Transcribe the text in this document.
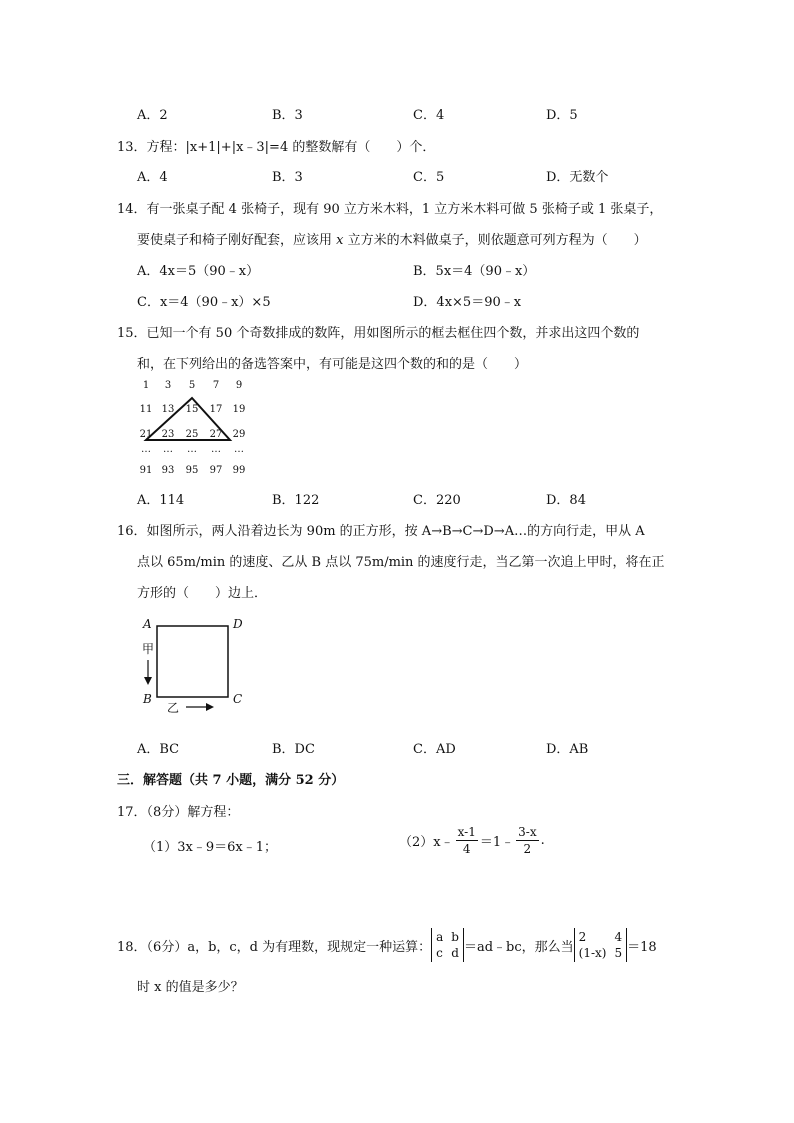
A．2	B．3	C．4	D．5
13．方程：|x+1|+|x﹣3|=4 的整数解有（　　）个．
A．4	B．3	C．5	D．无数个
14．有一张桌子配 4 张椅子，现有 90 立方米木料，1 立方米木料可做 5 张椅子或 1 张桌子，
要使桌子和椅子刚好配套，应该用 x 立方米的木料做桌子，则依题意可列方程为（　　）
A．4x＝5（90﹣x）	B．5x＝4（90﹣x）
C．x＝4（90﹣x）×5	D．4x×5＝90﹣x
15．已知一个有 50 个奇数排成的数阵，用如图所示的框去框住四个数，并求出这四个数的
和，在下列给出的备选答案中，有可能是这四个数的和的是（　　）
1	3	5	7	9
11 13	15	17	19
21 23	25	27	29
…	…	…	…	…
91 93	95	97	99
A．114	B．122	C．220	D．84
16．如图所示，两人沿着边长为 90m 的正方形，按 A→B→C→D→A…的方向行走，甲从 A
点以 65m/min 的速度、乙从 B 点以 75m/min 的速度行走，当乙第一次追上甲时，将在正
方形的（　　）边上．
A	D
B	C
甲
乙
A．BC	B．DC	C．AD	D．AB
三．解答题（共 7 小题，满分 52 分）
17．（8分）解方程：
（1）3x﹣9＝6x﹣1；	（2）x﹣ $\frac{x-1}{4}$ ＝1﹣ $\frac{3-x}{2}$ .
18．（6分）a，b，c，d 为有理数，现规定一种运算：
a b
c d ＝ad﹣bc，那么当
2 4
(1-x) 5 ＝18
时 x 的值是多少？
